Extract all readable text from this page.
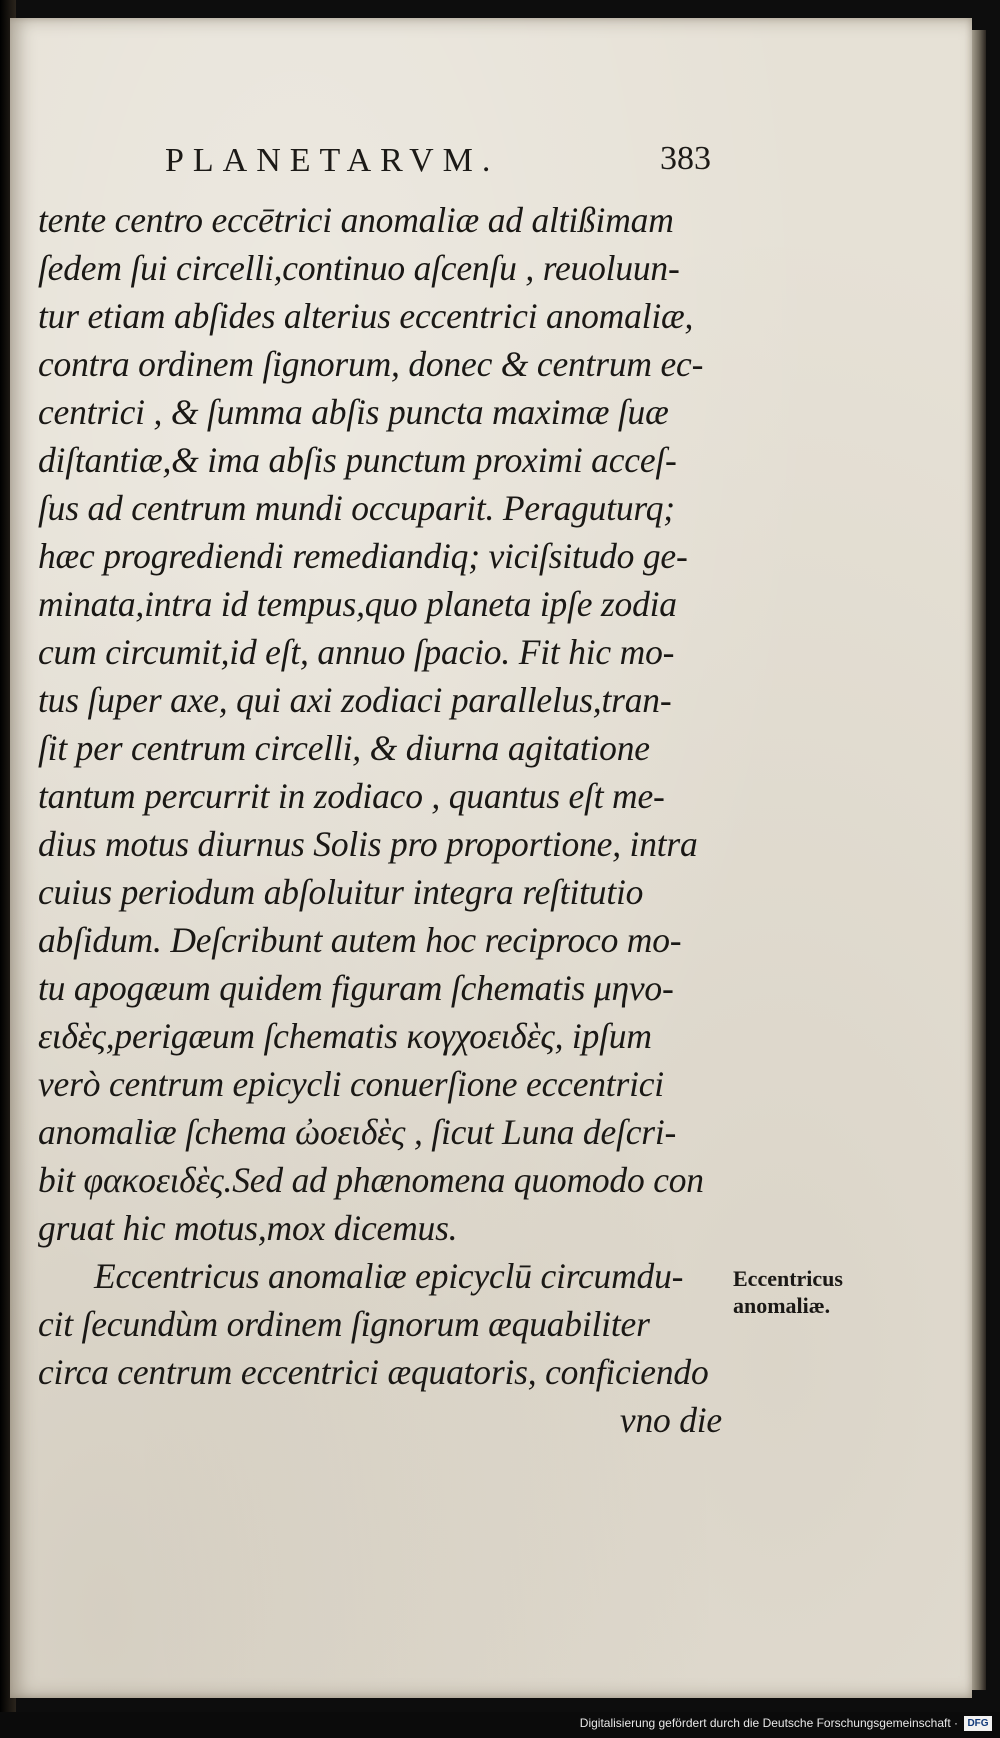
PLANETARVM.	383
tente centro eccētrici anomaliæ ad altißimam
ſedem ſui circelli,continuo aſcenſu , reuoluun-
tur etiam abſides alterius eccentrici anomaliæ,
contra ordinem ſignorum, donec & centrum ec-
centrici , & ſumma abſis puncta maximæ ſuæ
diſtantiæ,& ima abſis punctum proximi acceſ-
ſus ad centrum mundi occuparit. Peraguturq;
hæc progrediendi remediandiq; viciſsitudo ge-
minata,intra id tempus,quo planeta ipſe zodia
cum circumit,id eſt, annuo ſpacio. Fit hic mo-
tus ſuper axe, qui axi zodiaci parallelus,tran-
ſit per centrum circelli, & diurna agitatione
tantum percurrit in zodiaco , quantus eſt me-
dius motus diurnus Solis pro proportione, intra
cuius periodum abſoluitur integra reſtitutio
abſidum. Deſcribunt autem hoc reciproco mo-
tu apogæum quidem figuram ſchematis μηνο-
ειδὲς,perigæum ſchematis κογχοειδὲς, ipſum
verò centrum epicycli conuerſione eccentrici
anomaliæ ſchema ὠοειδὲς , ſicut Luna deſcri-
bit φακοειδὲς.Sed ad phænomena quomodo con
gruat hic motus,mox dicemus.
Eccentricus anomaliæ epicyclū circumdu-
cit ſecundùm ordinem ſignorum æquabiliter
circa centrum eccentrici æquatoris, conficiendo
vno die
Eccentricus
anomaliæ.
Digitalisierung gefördert durch die Deutsche Forschungsgemeinschaft · DFG
